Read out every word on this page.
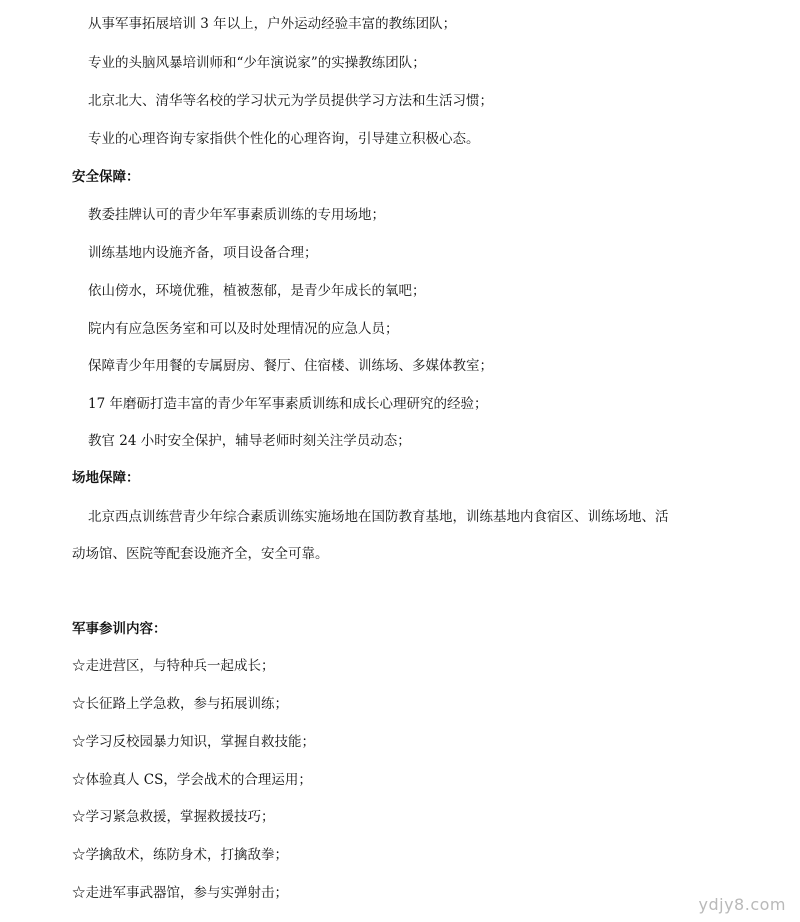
从事军事拓展培训 3 年以上，户外运动经验丰富的教练团队；
专业的头脑风暴培训师和“少年演说家”的实操教练团队；
北京北大、清华等名校的学习状元为学员提供学习方法和生活习惯；
专业的心理咨询专家指供个性化的心理咨询，引导建立积极心态。
安全保障：
教委挂牌认可的青少年军事素质训练的专用场地；
训练基地内设施齐备，项目设备合理；
依山傍水，环境优雅，植被葱郁，是青少年成长的氧吧；
院内有应急医务室和可以及时处理情况的应急人员；
保障青少年用餐的专属厨房、餐厅、住宿楼、训练场、多媒体教室；
17 年磨砺打造丰富的青少年军事素质训练和成长心理研究的经验；
教官 24 小时安全保护，辅导老师时刻关注学员动态；
场地保障：
北京西点训练营青少年综合素质训练实施场地在国防教育基地，训练基地内食宿区、训练场地、活
动场馆、医院等配套设施齐全，安全可靠。
军事参训内容：
☆走进营区，与特种兵一起成长；
☆长征路上学急救，参与拓展训练；
☆学习反校园暴力知识，掌握自救技能；
☆体验真人 CS，学会战术的合理运用；
☆学习紧急救援，掌握救援技巧；
☆学擒敌术，练防身术，打擒敌拳；
☆走进军事武器馆，参与实弹射击；
ydjy8.com
